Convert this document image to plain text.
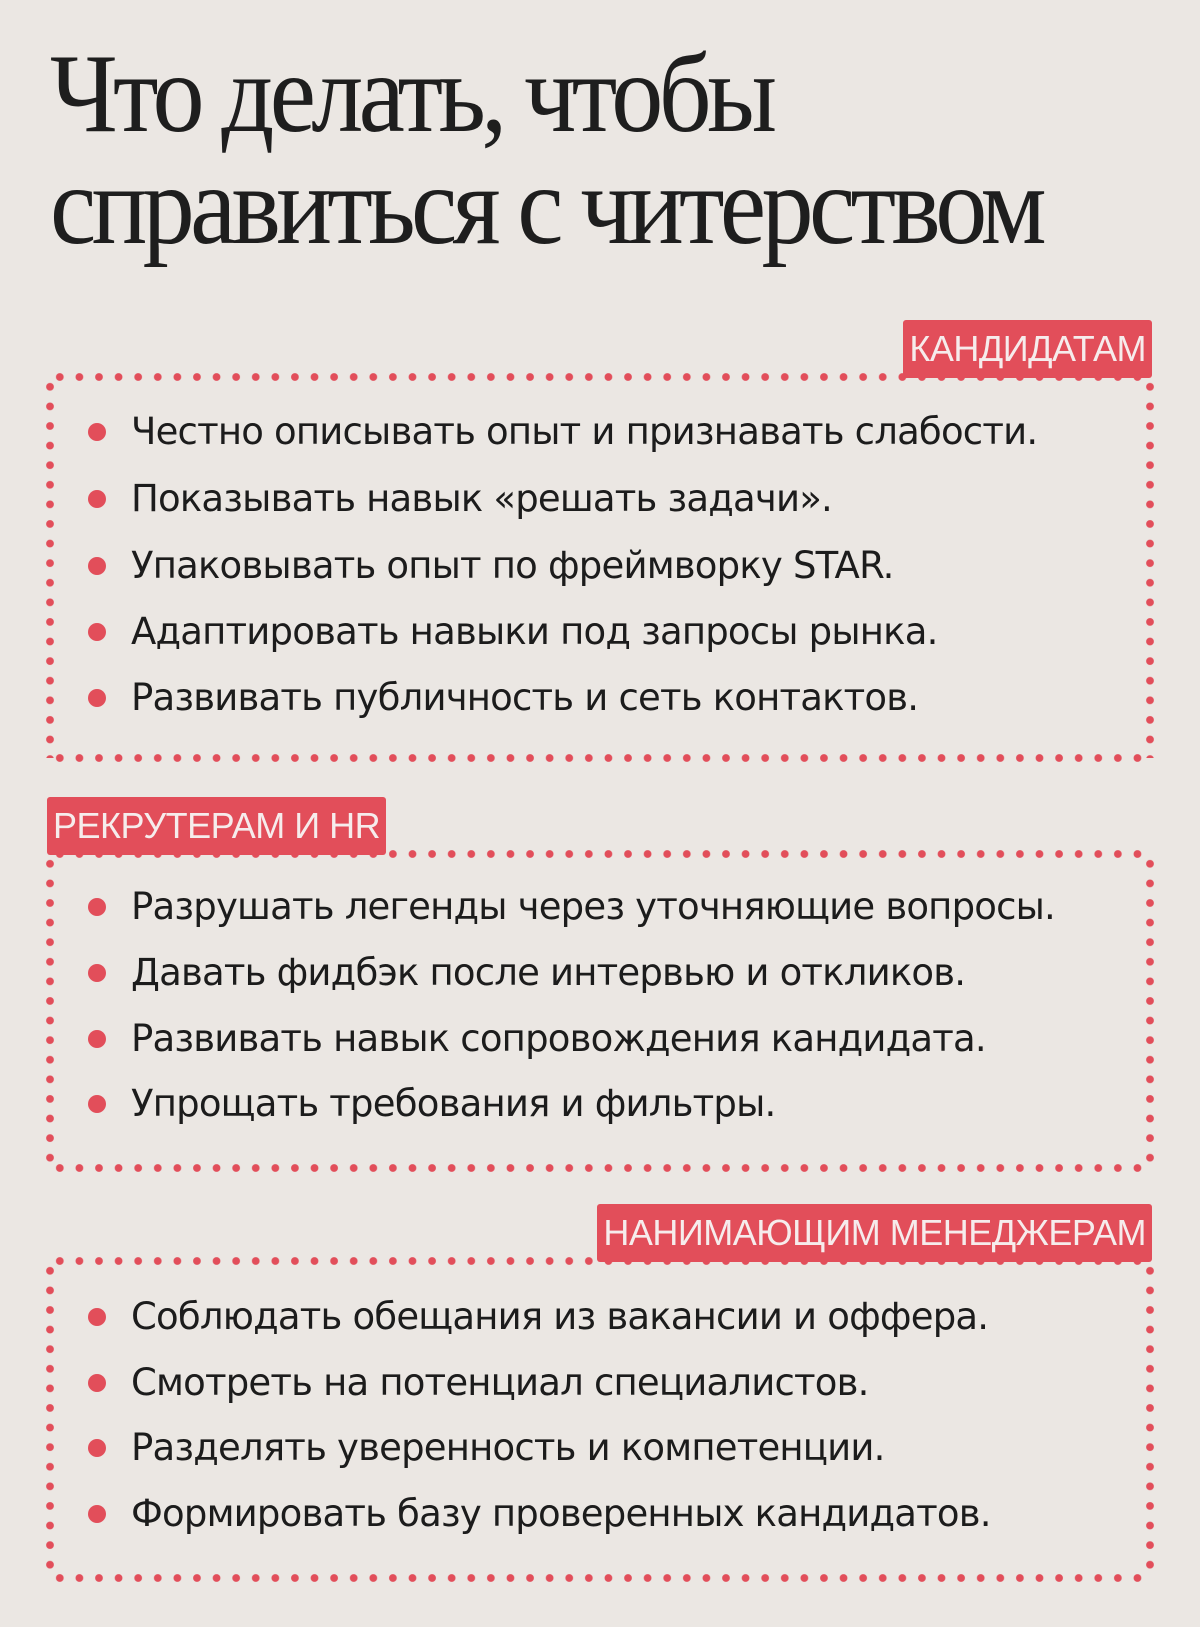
Что делать, чтобы
справиться с читерством
КАНДИДАТАМ
Честно описывать опыт и признавать слабости.
Показывать навык «решать задачи».
Упаковывать опыт по фреймворку STAR.
Адаптировать навыки под запросы рынка.
Развивать публичность и сеть контактов.
РЕКРУТЕРАМ И HR
Разрушать легенды через уточняющие вопросы.
Давать фидбэк после интервью и откликов.
Развивать навык сопровождения кандидата.
Упрощать требования и фильтры.
НАНИМАЮЩИМ МЕНЕДЖЕРАМ
Соблюдать обещания из вакансии и оффера.
Смотреть на потенциал специалистов.
Разделять уверенность и компетенции.
Формировать базу проверенных кандидатов.
